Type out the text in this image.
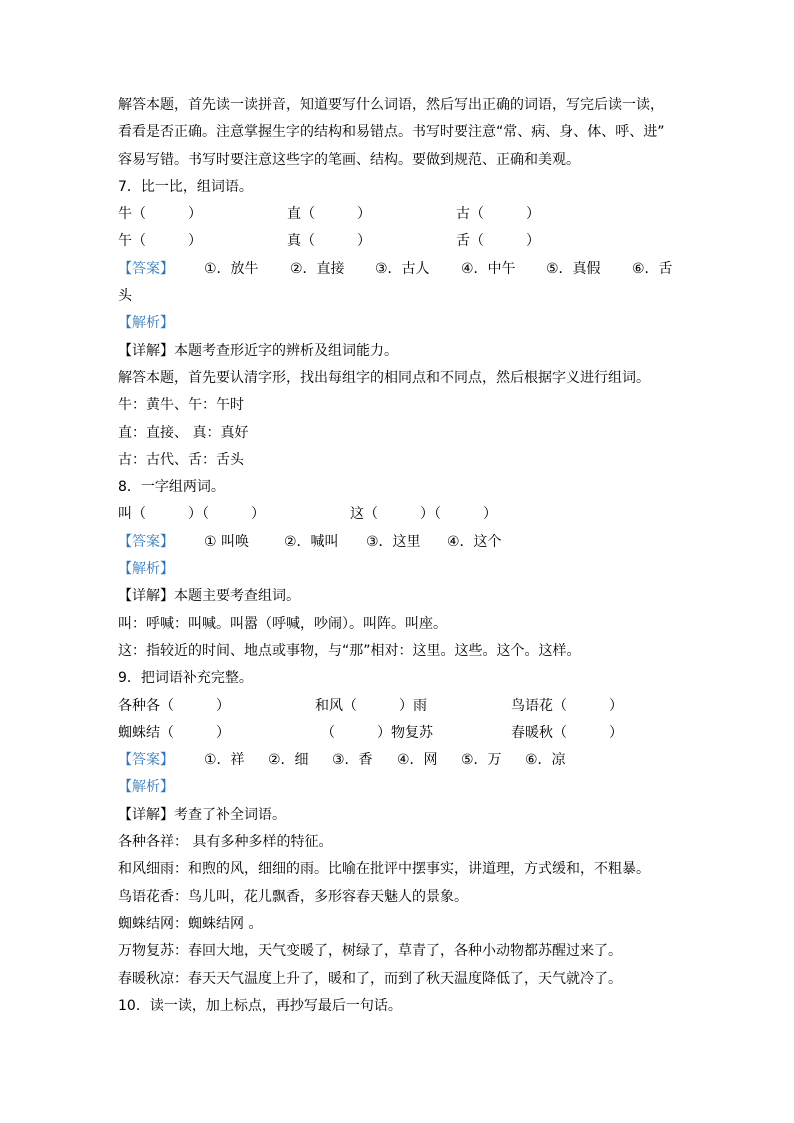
解答本题，首先读一读拼音，知道要写什么词语，然后写出正确的词语，写完后读一读，
看看是否正确。注意掌握生字的结构和易错点。书写时要注意“常、病、身、体、呼、进”
容易写错。书写时要注意这些字的笔画、结构。要做到规范、正确和美观。
7．比一比，组词语。
牛（　　　）	直（　　　）	古（　　　）
午（　　　）	真（　　　）	舌（　　　）
【答案】 ①．放牛 ②．直接 ③．古人 ④．中午 ⑤．真假 ⑥．舌
头
【解析】
【详解】本题考查形近字的辨析及组词能力。
解答本题，首先要认清字形，找出每组字的相同点和不同点，然后根据字义进行组词。
牛：黄牛、午：午时
直：直接、 真：真好
古：古代、舌：舌头
8．一字组两词。
叫（　　　）（　　　）	这（　　　）（　　　）
【答案】 ① 叫唤 ②．喊叫 ③．这里 ④．这个
【解析】
【详解】本题主要考查组词。
叫：呼喊：叫喊。叫嚣（呼喊，吵闹）。叫阵。叫座。
这：指较近的时间、地点或事物，与“那”相对：这里。这些。这个。这样。
9．把词语补充完整。
各种各（　　　）	和风（　　　）雨	鸟语花（　　　）
蜘蛛结（　　　）	（　　　）物复苏	春暖秋（　　　）
【答案】 ①．祥 ②．细 ③．香 ④．网 ⑤．万 ⑥．凉
【解析】
【详解】考查了补全词语。
各种各祥： 具有多种多样的特征。
和风细雨：和煦的风，细细的雨。比喻在批评中摆事实，讲道理，方式缓和，不粗暴。
鸟语花香：鸟儿叫，花儿飘香，多形容春天魅人的景象。
蜘蛛结网：蜘蛛结网 。
万物复苏：春回大地，天气变暖了，树绿了，草青了，各种小动物都苏醒过来了。
春暖秋凉：春天天气温度上升了，暖和了，而到了秋天温度降低了，天气就冷了。
10．读一读，加上标点，再抄写最后一句话。
